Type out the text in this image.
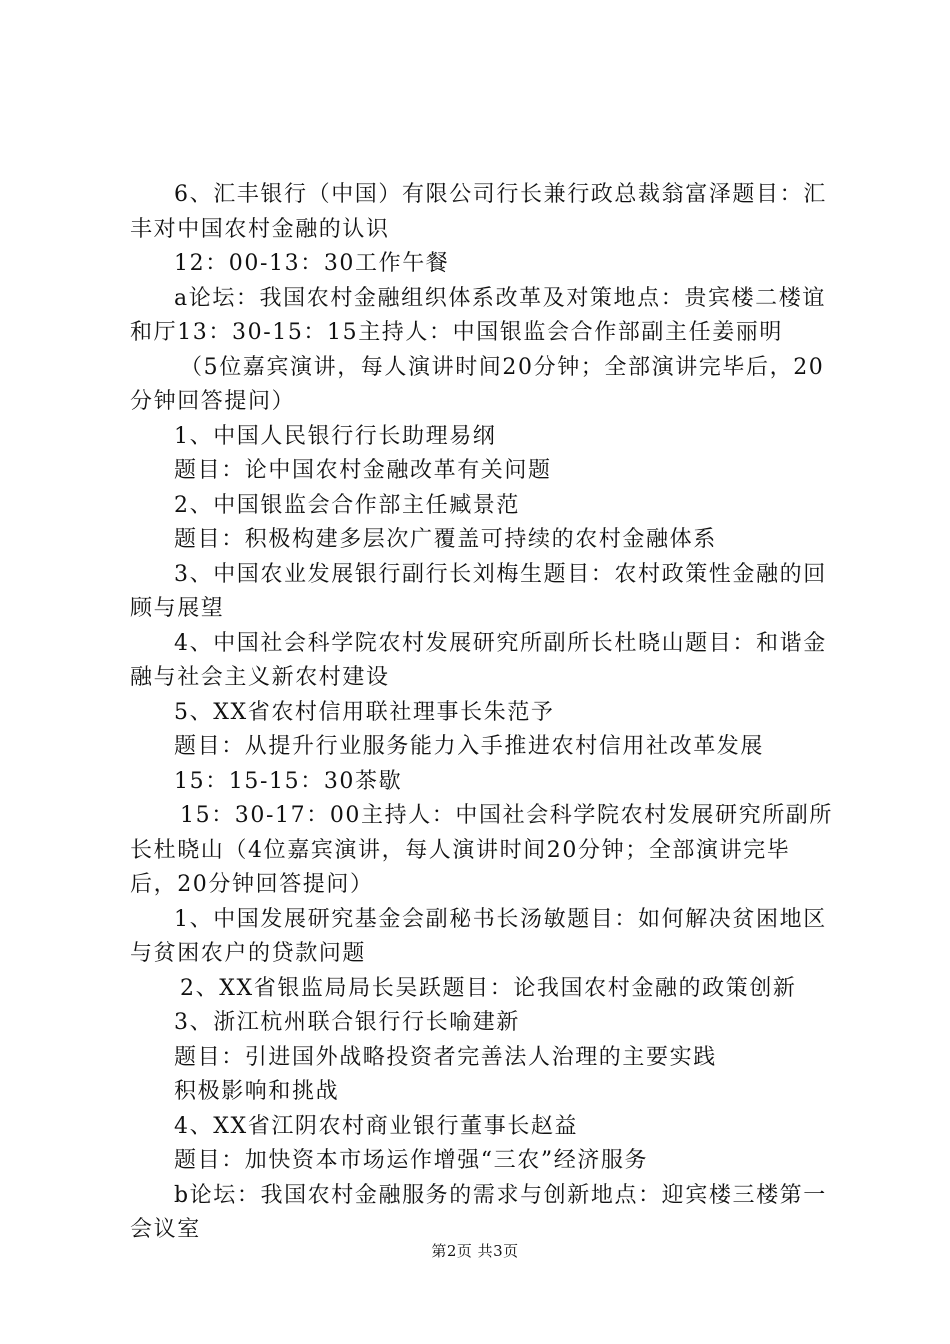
6、汇丰银行（中国）有限公司行长兼行政总裁翁富泽题目：汇丰对中国农村金融的认识

12：00-13：30工作午餐

a论坛：我国农村金融组织体系改革及对策地点：贵宾楼二楼谊和厅13：30-15：15主持人：中国银监会合作部副主任姜丽明

（5位嘉宾演讲，每人演讲时间20分钟；全部演讲完毕后，20分钟回答提问）

1、中国人民银行行长助理易纲

题目：论中国农村金融改革有关问题

2、中国银监会合作部主任臧景范

题目：积极构建多层次广覆盖可持续的农村金融体系

3、中国农业发展银行副行长刘梅生题目：农村政策性金融的回顾与展望

4、中国社会科学院农村发展研究所副所长杜晓山题目：和谐金融与社会主义新农村建设

5、XX省农村信用联社理事长朱范予

题目：从提升行业服务能力入手推进农村信用社改革发展

15：15-15：30茶歇

15：30-17：00主持人：中国社会科学院农村发展研究所副所长杜晓山（4位嘉宾演讲，每人演讲时间20分钟；全部演讲完毕后，20分钟回答提问）

1、中国发展研究基金会副秘书长汤敏题目：如何解决贫困地区与贫困农户的贷款问题

2、XX省银监局局长吴跃题目：论我国农村金融的政策创新

3、浙江杭州联合银行行长喻建新

题目：引进国外战略投资者完善法人治理的主要实践

积极影响和挑战

4、XX省江阴农村商业银行董事长赵益

题目：加快资本市场运作增强“三农”经济服务

b论坛：我国农村金融服务的需求与创新地点：迎宾楼三楼第一会议室

第2页 共3页
